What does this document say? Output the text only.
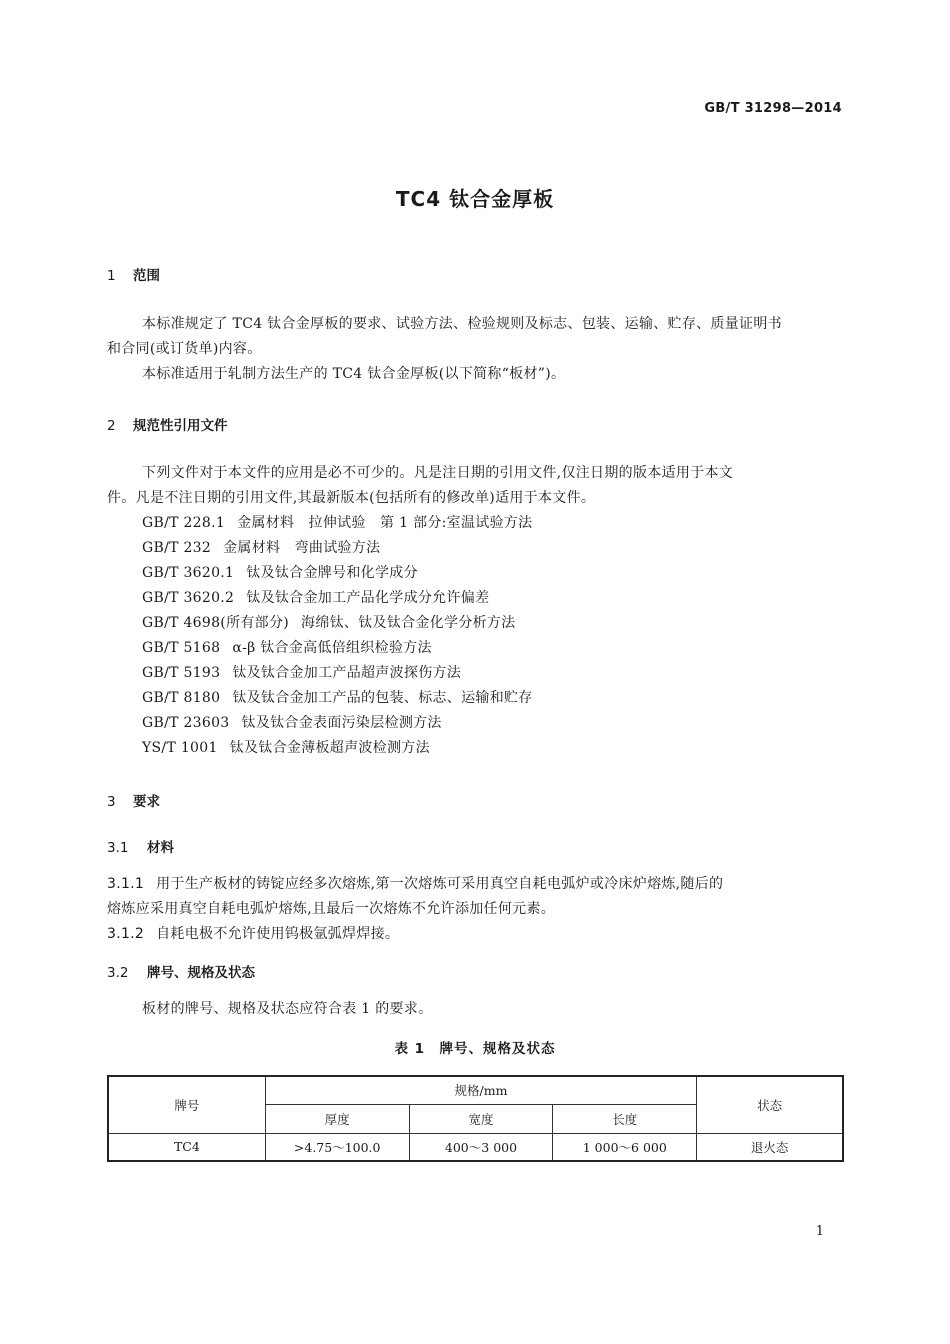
GB/T 31298—2014
TC4 钛合金厚板
1 范围
本标准规定了 TC4 钛合金厚板的要求、试验方法、检验规则及标志、包装、运输、贮存、质量证明书
和合同(或订货单)内容。
本标准适用于轧制方法生产的 TC4 钛合金厚板(以下简称“板材”)。
2 规范性引用文件
下列文件对于本文件的应用是必不可少的。凡是注日期的引用文件,仅注日期的版本适用于本文
件。凡是不注日期的引用文件,其最新版本(包括所有的修改单)适用于本文件。
GB/T 228.1 金属材料　拉伸试验　第 1 部分:室温试验方法
GB/T 232 金属材料　弯曲试验方法
GB/T 3620.1 钛及钛合金牌号和化学成分
GB/T 3620.2 钛及钛合金加工产品化学成分允许偏差
GB/T 4698(所有部分) 海绵钛、钛及钛合金化学分析方法
GB/T 5168 α-β 钛合金高低倍组织检验方法
GB/T 5193 钛及钛合金加工产品超声波探伤方法
GB/T 8180 钛及钛合金加工产品的包装、标志、运输和贮存
GB/T 23603 钛及钛合金表面污染层检测方法
YS/T 1001 钛及钛合金薄板超声波检测方法
3 要求
3.1 材料
3.1.1 用于生产板材的铸锭应经多次熔炼,第一次熔炼可采用真空自耗电弧炉或冷床炉熔炼,随后的
熔炼应采用真空自耗电弧炉熔炼,且最后一次熔炼不允许添加任何元素。
3.1.2 自耗电极不允许使用钨极氩弧焊焊接。
3.2 牌号、规格及状态
板材的牌号、规格及状态应符合表 1 的要求。
表 1　牌号、规格及状态
牌号	规格/mm			状态
	厚度	宽度	长度	
TC4	>4.75～100.0	400～3 000	1 000～6 000	退火态
1
